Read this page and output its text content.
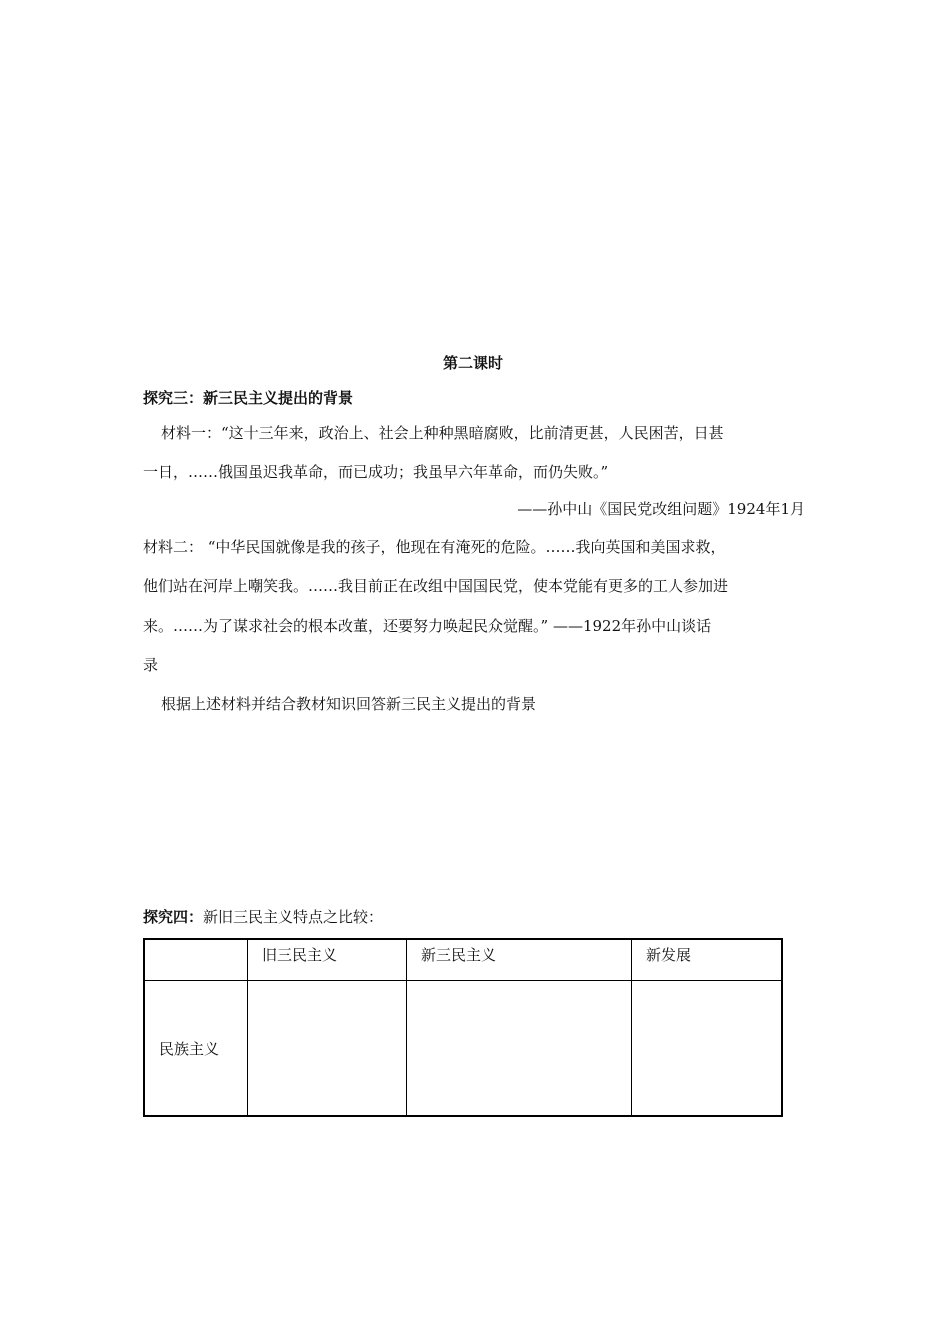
第二课时
探究三：新三民主义提出的背景
材料一：“这十三年来，政治上、社会上种种黑暗腐败，比前清更甚，人民困苦，日甚
一日，……俄国虽迟我革命，而已成功；我虽早六年革命，而仍失败。”
——孙中山《国民党改组问题》1924年1月
材料二： “中华民国就像是我的孩子，他现在有淹死的危险。……我向英国和美国求救，
他们站在河岸上嘲笑我。……我目前正在改组中国国民党，使本党能有更多的工人参加进
来。……为了谋求社会的根本改董，还要努力唤起民众觉醒。” ——1922年孙中山谈话
录
根据上述材料并结合教材知识回答新三民主义提出的背景
探究四：新旧三民主义特点之比较：
	旧三民主义	新三民主义	新发展
民族主义			
